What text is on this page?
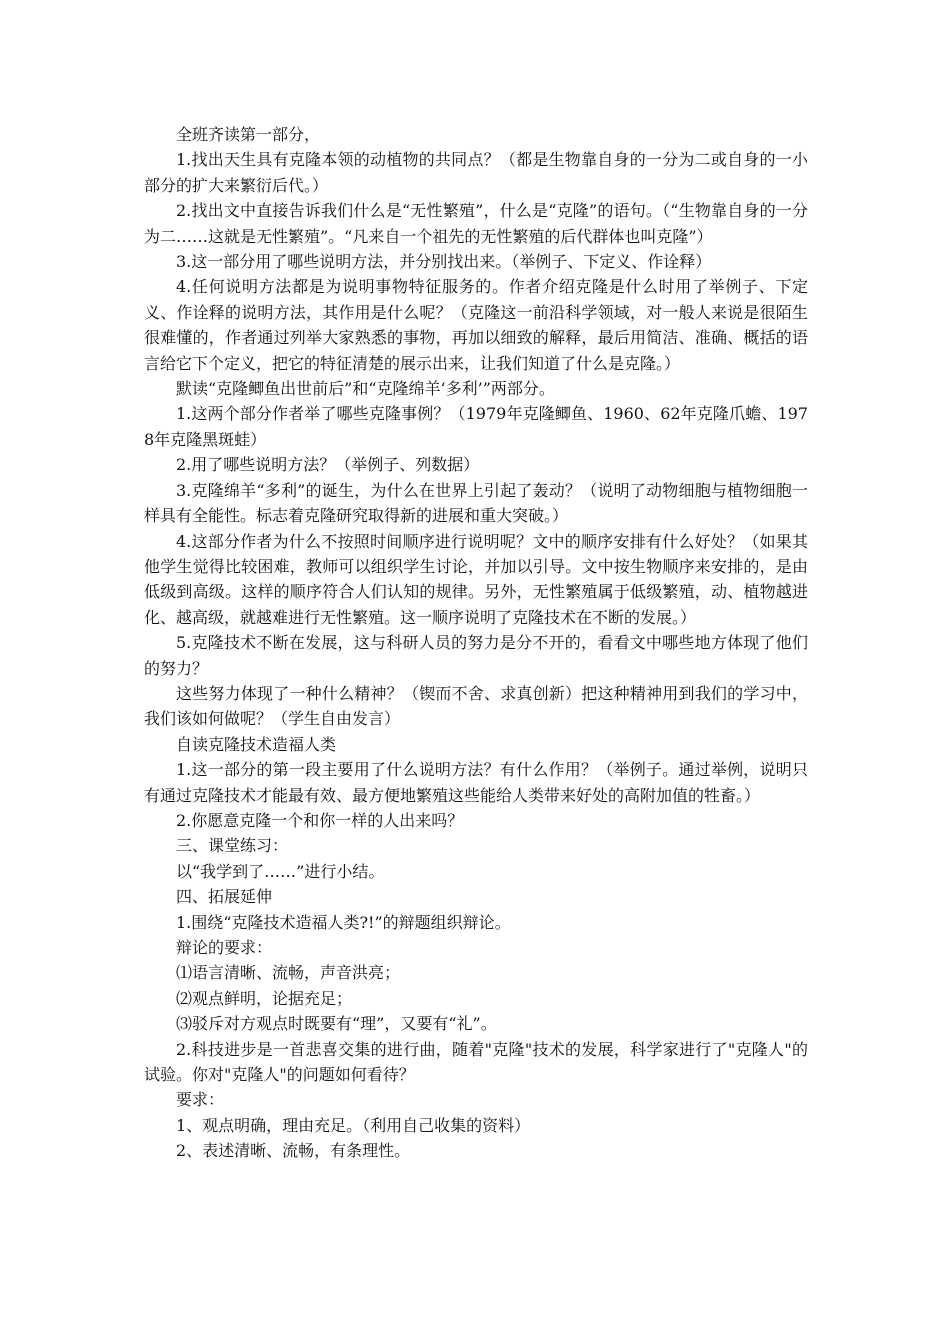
全班齐读第一部分，

1.找出天生具有克隆本领的动植物的共同点？（都是生物靠自身的一分为二或自身的一小部分的扩大来繁衍后代。）

2.找出文中直接告诉我们什么是“无性繁殖”，什么是“克隆”的语句。（“生物靠自身的一分为二……这就是无性繁殖”。“凡来自一个祖先的无性繁殖的后代群体也叫克隆”）

3.这一部分用了哪些说明方法，并分别找出来。（举例子、下定义、作诠释）

4.任何说明方法都是为说明事物特征服务的。作者介绍克隆是什么时用了举例子、下定义、作诠释的说明方法，其作用是什么呢？（克隆这一前沿科学领域，对一般人来说是很陌生很难懂的，作者通过列举大家熟悉的事物，再加以细致的解释，最后用简洁、准确、概括的语言给它下个定义，把它的特征清楚的展示出来，让我们知道了什么是克隆。）

默读“克隆鲫鱼出世前后”和“克隆绵羊‘多利’”两部分。

1.这两个部分作者举了哪些克隆事例？（1979年克隆鲫鱼、1960、62年克隆爪蟾、1978年克隆黑斑蛙）

2.用了哪些说明方法？（举例子、列数据）

3.克隆绵羊“多利”的诞生，为什么在世界上引起了轰动？（说明了动物细胞与植物细胞一样具有全能性。标志着克隆研究取得新的进展和重大突破。）

4.这部分作者为什么不按照时间顺序进行说明呢？文中的顺序安排有什么好处？（如果其他学生觉得比较困难，教师可以组织学生讨论，并加以引导。文中按生物顺序来安排的，是由低级到高级。这样的顺序符合人们认知的规律。另外，无性繁殖属于低级繁殖，动、植物越进化、越高级，就越难进行无性繁殖。这一顺序说明了克隆技术在不断的发展。）

5.克隆技术不断在发展，这与科研人员的努力是分不开的，看看文中哪些地方体现了他们的努力？

这些努力体现了一种什么精神？（锲而不舍、求真创新）把这种精神用到我们的学习中，我们该如何做呢？（学生自由发言）

自读克隆技术造福人类

1.这一部分的第一段主要用了什么说明方法？有什么作用？（举例子。通过举例，说明只有通过克隆技术才能最有效、最方便地繁殖这些能给人类带来好处的高附加值的牲畜。）

2.你愿意克隆一个和你一样的人出来吗？

三、课堂练习：

以“我学到了……”进行小结。

四、拓展延伸

1.围绕“克隆技术造福人类?!”的辩题组织辩论。

辩论的要求：

⑴语言清晰、流畅，声音洪亮；

⑵观点鲜明，论据充足；

⑶驳斥对方观点时既要有“理”，又要有“礼”。

2.科技进步是一首悲喜交集的进行曲，随着"克隆"技术的发展，科学家进行了"克隆人"的试验。你对"克隆人"的问题如何看待？

要求：

1、观点明确，理由充足。（利用自己收集的资料）

2、表述清晰、流畅，有条理性。
